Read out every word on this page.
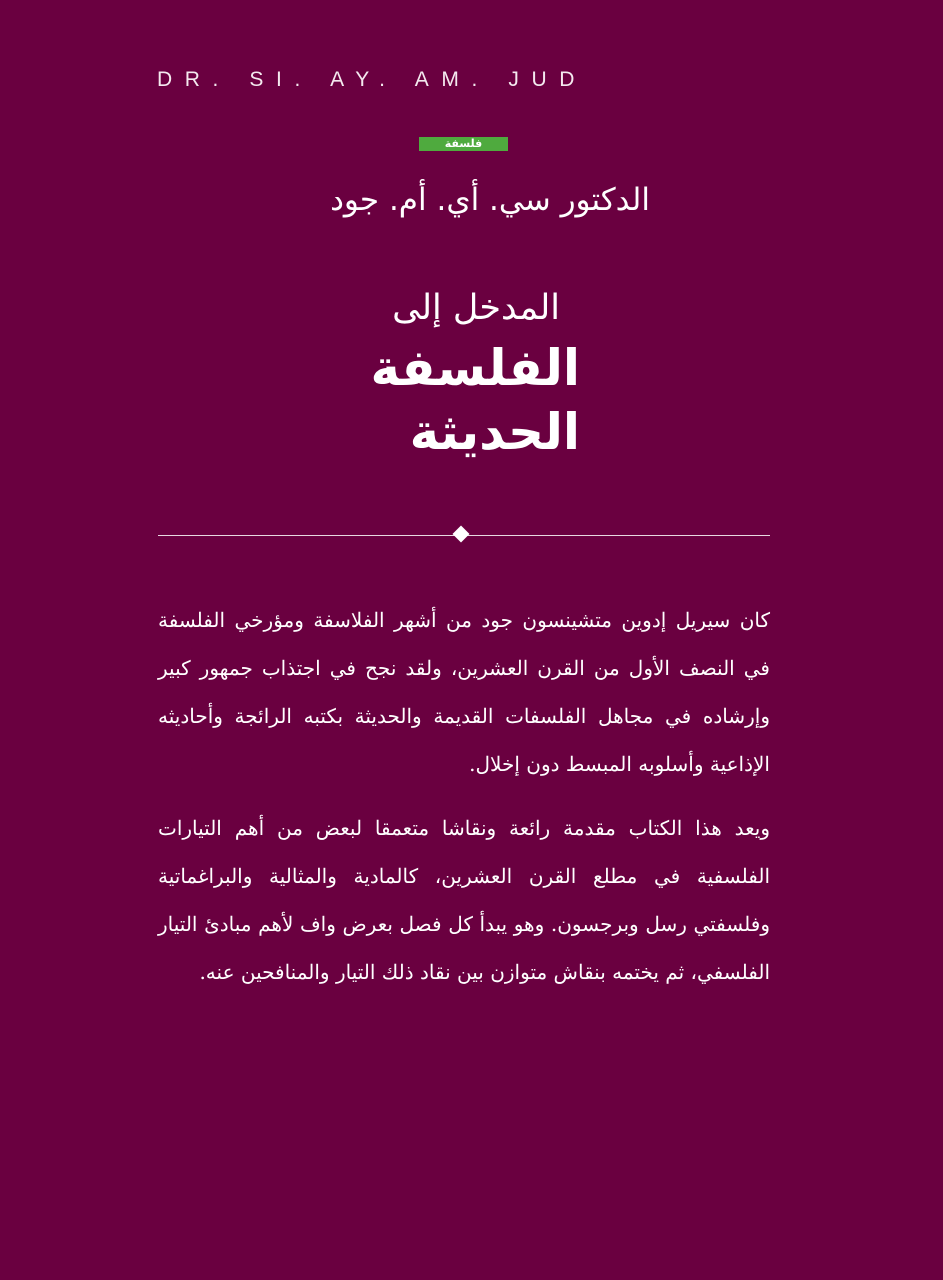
DR. SI. AY. AM. JUD
فلسفة
الدكتور سي. أي. أم. جود
المدخل إلى
الفلسفة
الحديثة

كان سيريل إدوين متشينسون جود من أشهر الفلاسفة ومؤرخي الفلسفة في النصف الأول من القرن العشرين، ولقد نجح في اجتذاب جمهور كبير وإرشاده في مجاهل الفلسفات القديمة والحديثة بكتبه الرائجة وأحاديثه الإذاعية وأسلوبه المبسط دون إخلال.

ويعد هذا الكتاب مقدمة رائعة ونقاشا متعمقا لبعض من أهم التيارات الفلسفية في مطلع القرن العشرين، كالمادية والمثالية والبراغماتية وفلسفتي رسل وبرجسون. وهو يبدأ كل فصل بعرض واف لأهم مبادئ التيار الفلسفي، ثم يختمه بنقاش متوازن بين نقاد ذلك التيار والمنافحين عنه.
